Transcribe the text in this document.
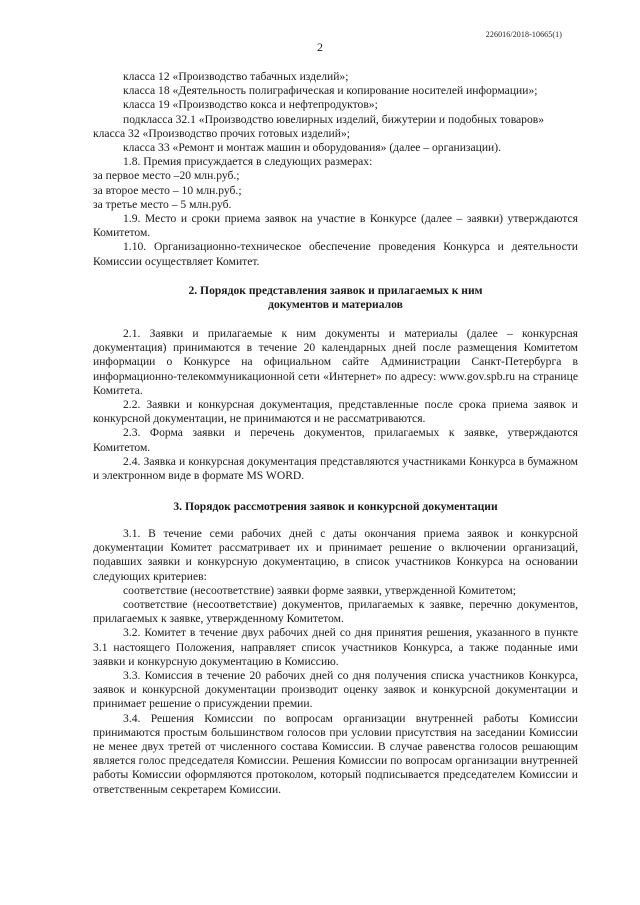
226016/2018-10665(1)
2

класса 12 «Производство табачных изделий»;

класса 18 «Деятельность полиграфическая и копирование носителей информации»;

класса 19 «Производство кокса и нефтепродуктов»;

подкласса 32.1 «Производство ювелирных изделий, бижутерии и подобных товаров»

класса 32 «Производство прочих готовых изделий»;

класса 33 «Ремонт и монтаж машин и оборудования» (далее – организации).

1.8. Премия присуждается в следующих размерах:

за первое место –20 млн.руб.;

за второе место – 10 млн.руб.;

за третье место – 5 млн.руб.

1.9. Место и сроки приема заявок на участие в Конкурсе (далее – заявки) утверждаются Комитетом.

1.10. Организационно-техническое обеспечение проведения Конкурса и деятельности Комиссии осуществляет Комитет.

2. Порядок представления заявок и прилагаемых к ним

документов и материалов

2.1. Заявки и прилагаемые к ним документы и материалы (далее – конкурсная документация) принимаются в течение 20 календарных дней после размещения Комитетом информации о Конкурсе на официальном сайте Администрации Санкт-Петербурга в информационно-телекоммуникационной сети «Интернет» по адресу: www.gov.spb.ru на странице Комитета.

2.2. Заявки и конкурсная документация, представленные после срока приема заявок и конкурсной документации, не принимаются и не рассматриваются.

2.3. Форма заявки и перечень документов, прилагаемых к заявке, утверждаются Комитетом.

2.4. Заявка и конкурсная документация представляются участниками Конкурса в бумажном и электронном виде в формате MS WORD.

3. Порядок рассмотрения заявок и конкурсной документации

3.1. В течение семи рабочих дней с даты окончания приема заявок и конкурсной документации Комитет рассматривает их и принимает решение о включении организаций, подавших заявки и конкурсную документацию, в список участников Конкурса на основании следующих критериев:

соответствие (несоответствие) заявки форме заявки, утвержденной Комитетом;

соответствие (несоответствие) документов, прилагаемых к заявке, перечню документов, прилагаемых к заявке, утвержденному Комитетом.

3.2. Комитет в течение двух рабочих дней со дня принятия решения, указанного в пункте 3.1 настоящего Положения, направляет список участников Конкурса, а также поданные ими заявки и конкурсную документацию в Комиссию.

3.3. Комиссия в течение 20 рабочих дней со дня получения списка участников Конкурса, заявок и конкурсной документации производит оценку заявок и конкурсной документации и принимает решение о присуждении премии.

3.4. Решения Комиссии по вопросам организации внутренней работы Комиссии принимаются простым большинством голосов при условии присутствия на заседании Комиссии не менее двух третей от численного состава Комиссии. В случае равенства голосов решающим является голос председателя Комиссии. Решения Комиссии по вопросам организации внутренней работы Комиссии оформляются протоколом, который подписывается председателем Комиссии и ответственным секретарем Комиссии.
